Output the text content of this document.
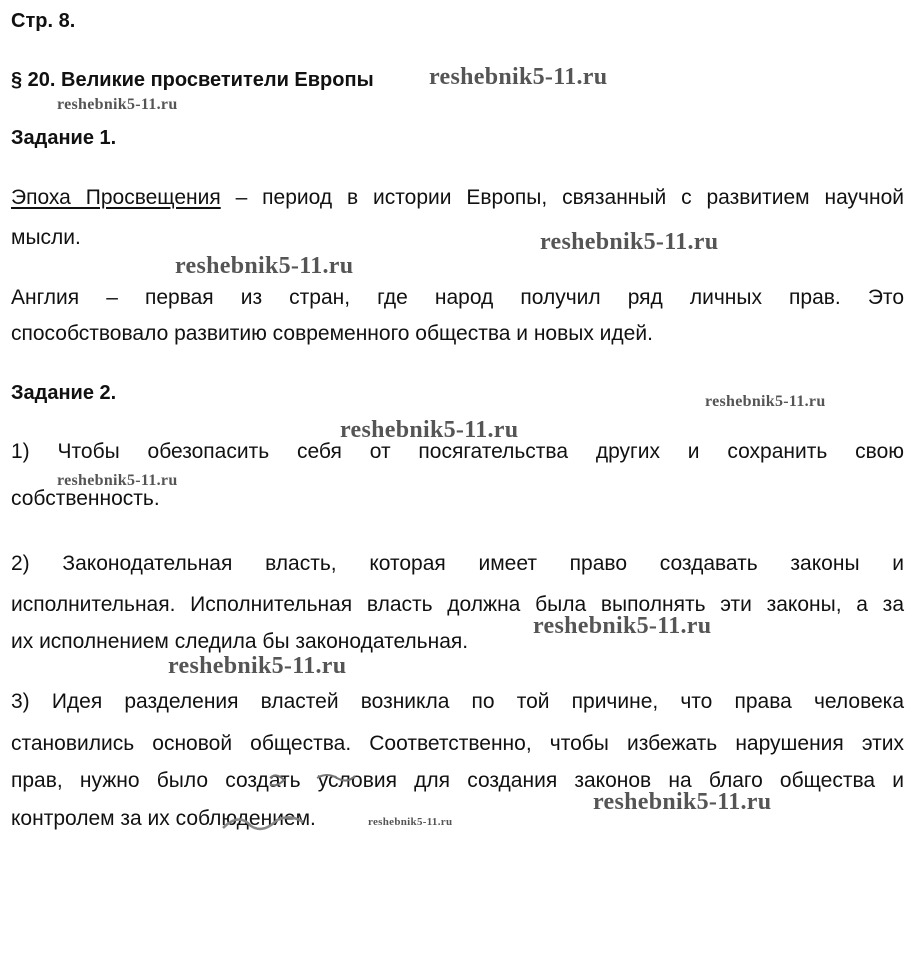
Стр. 8.

§ 20. Великие просветители Европы

Задание 1.

Эпоха Просвещения – период в истории Европы, связанный с развитием научной

мысли.

Англия – первая из стран, где народ получил ряд личных прав. Это

способствовало развитию современного общества и новых идей.

Задание 2.

1) Чтобы обезопасить себя от посягательства других и сохранить свою

собственность.

2) Законодательная власть, которая имеет право создавать законы и

исполнительная. Исполнительная власть должна была выполнять эти законы, а за

их исполнением следила бы законодательная.

3) Идея разделения властей возникла по той причине, что права человека

становились основой общества. Соответственно, чтобы избежать нарушения этих

прав, нужно было создать условия для создания законов на благо общества и

контролем за их соблюдением.

reshebnik5-11.ru

reshebnik5-11.ru

reshebnik5-11.ru

reshebnik5-11.ru

reshebnik5-11.ru

reshebnik5-11.ru

reshebnik5-11.ru

reshebnik5-11.ru

reshebnik5-11.ru

reshebnik5-11.ru

reshebnik5-11.ru
